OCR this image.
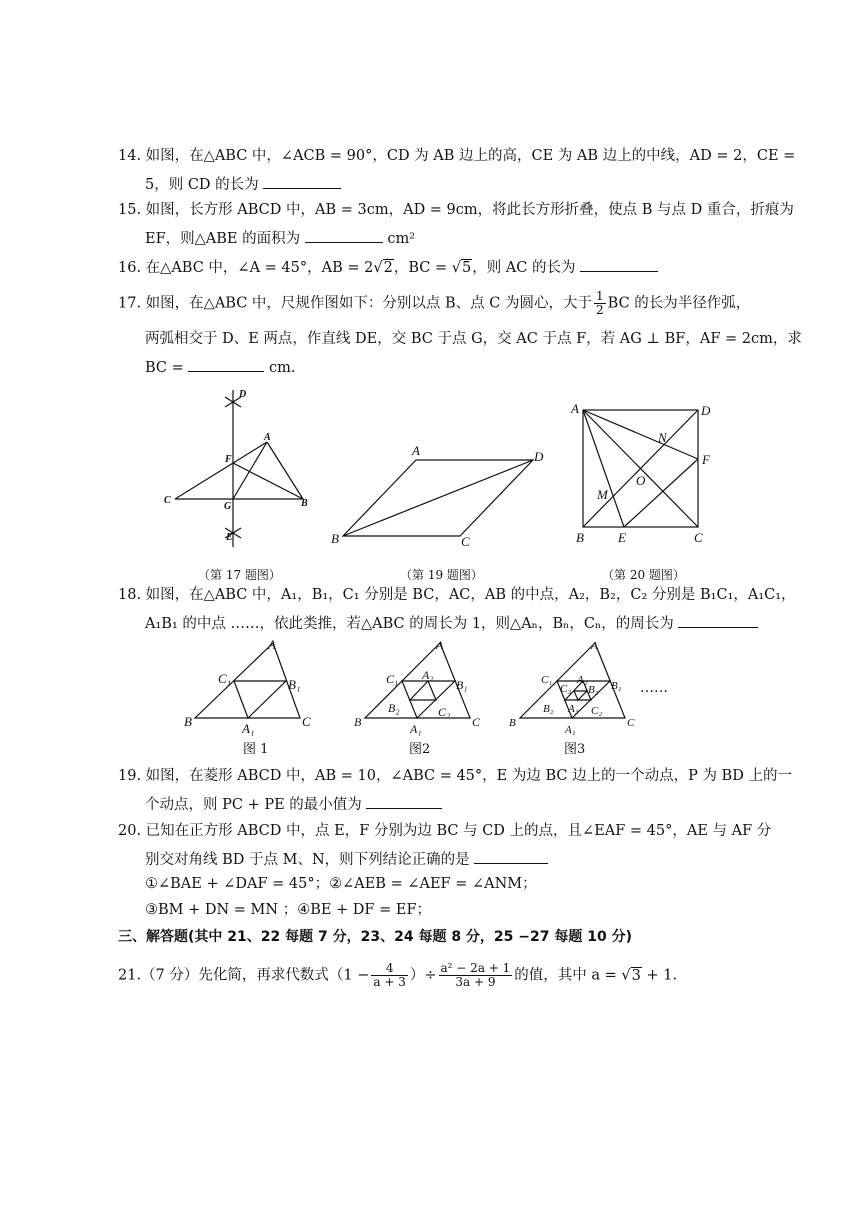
14. 如图，在△ABC 中，∠ACB = 90°，CD 为 AB 边上的高，CE 为 AB 边上的中线，AD = 2，CE =
5，则 CD 的长为
15. 如图，长方形 ABCD 中，AB = 3cm，AD = 9cm，将此长方形折叠，使点 B 与点 D 重合，折痕为
EF，则△ABE 的面积为	cm²
16. 在△ABC 中，∠A = 45°，AB = 2√2，BC = √5，则 AC 的长为
17. 如图，在△ABC 中，尺规作图如下：分别以点 B、点 C 为圆心，大于 $\frac{1}{2}$ BC 的长为半径作弧，
两弧相交于 D、E 两点，作直线 DE，交 BC 于点 G，交 AC 于点 F，若 AG ⊥ BF，AF = 2cm，求
BC =	cm.
D
A
F
C
G	B
E
A	D
B	C
A	D
N
F
O
M
B	E	C
（第 17 题图）	（第 19 题图）	（第 20 题图）
18. 如图，在△ABC 中，A₁，B₁，C₁ 分别是 BC，AC，AB 的中点，A₂，B₂，C₂ 分别是 B₁C₁，A₁C₁，
A₁B₁ 的中点 ……，依此类推，若△ABC 的周长为 1，则△Aₙ，Bₙ，Cₙ，的周长为
A
C₁	B₁
B	A₁	C
图 1
A
C₁ A₂
B₁
B₂	C₂
B	A₁	C
图2
A
C₁
C₃
A₂
B₃ B₁
B₂ A₃ C₂
B
A₁
C
图3
……
19. 如图，在菱形 ABCD 中，AB = 10，∠ABC = 45°，E 为边 BC 边上的一个动点，P 为 BD 上的一
个动点，则 PC + PE 的最小值为
20. 已知在正方形 ABCD 中，点 E，F 分别为边 BC 与 CD 上的点，且∠EAF = 45°，AE 与 AF 分
别交对角线 BD 于点 M、N，则下列结论正确的是
①∠BAE + ∠DAF = 45°；②∠AEB = ∠AEF = ∠ANM；
③BM + DN = MN ；④BE + DF = EF；
三、解答题(其中 21、22 每题 7 分，23、24 每题 8 分，25 −27 每题 10 分)
21.（7 分）先化简，再求代数式（$1 - \frac{4}{a + 3}$ ）÷ $\frac{\text{a² − 2a + 1}}{3a + 9}$ 的值，其中 a = √3 + 1.
